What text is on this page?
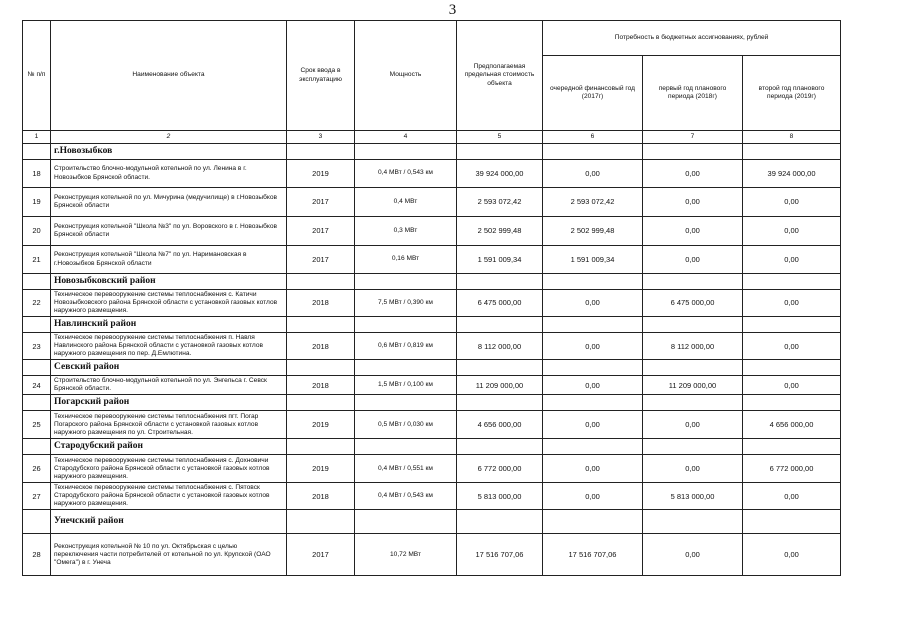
3
№ п/п	Наименование объекта	Срок ввода в эксплуатацию	Мощность	Предполагаемая предельная стоимость объекта	Потребность в бюджетных ассигнованиях, рублей		
					очередной финансовый год (2017г)	первый год планового периода (2018г)	второй год планового периода (2019г)
1	2	3	4	5	6	7	8
	г.Новозыбков						
18	Строительство блочно-модульной котельной по ул. Ленина в г. Новозыбков Брянской области.	2019	0,4 МВт / 0,543 км	39 924 000,00	0,00	0,00	39 924 000,00
19	Реконструкция котельной по ул. Мичурина (медучилище) в г.Новозыбков Брянской области	2017	0,4 МВт	2 593 072,42	2 593 072,42	0,00	0,00
20	Реконструкция котельной "Школа №3" по ул. Воровского в г. Новозыбков Брянской области	2017	0,3 МВт	2 502 999,48	2 502 999,48	0,00	0,00
21	Реконструкция котельной "Школа №7" по ул. Наримановская в г.Новозыбков Брянской области	2017	0,16 МВт	1 591 009,34	1 591 009,34	0,00	0,00
	Новозыбковский район						
22	Техническое перевооружение системы теплоснабжения с. Катичи Новозыбковского района Брянской области с установкой газовых котлов наружного размещения.	2018	7,5 МВт / 0,390 км	6 475 000,00	0,00	6 475 000,00	0,00
	Навлинский район						
23	Техническое перевооружение системы теплоснабжения п. Навля Навлинского района Брянской области с установкой газовых котлов наружного размещения по пер. Д.Емлютина.	2018	0,6 МВт / 0,819 км	8 112 000,00	0,00	8 112 000,00	0,00
	Севский район						
24	Строительство блочно-модульной котельной по ул. Энгельса г. Севск Брянской области.	2018	1,5 МВт / 0,100 км	11 209 000,00	0,00	11 209 000,00	0,00
	Погарский район						
25	Техническое перевооружение системы теплоснабжения пгт. Погар Погарского района Брянской области с установкой газовых котлов наружного размещения по ул. Строительная.	2019	0,5 МВт / 0,030 км	4 656 000,00	0,00	0,00	4 656 000,00
	Стародубский район						
26	Техническое перевооружение системы теплоснабжения с. Дохновичи Стародубского района Брянской области с установкой газовых котлов наружного размещения.	2019	0,4 МВт / 0,551 км	6 772 000,00	0,00	0,00	6 772 000,00
27	Техническое перевооружение системы теплоснабжения с. Пятовск Стародубского района Брянской области с установкой газовых котлов наружного размещения.	2018	0,4 МВт / 0,543 км	5 813 000,00	0,00	5 813 000,00	0,00
	Унечский район						
28	Реконструкция котельной № 10 по ул. Октябрьская с целью переключения части потребителей от котельной по ул. Крупской (ОАО "Омега") в г. Унеча	2017	10,72 МВт	17 516 707,06	17 516 707,06	0,00	0,00
